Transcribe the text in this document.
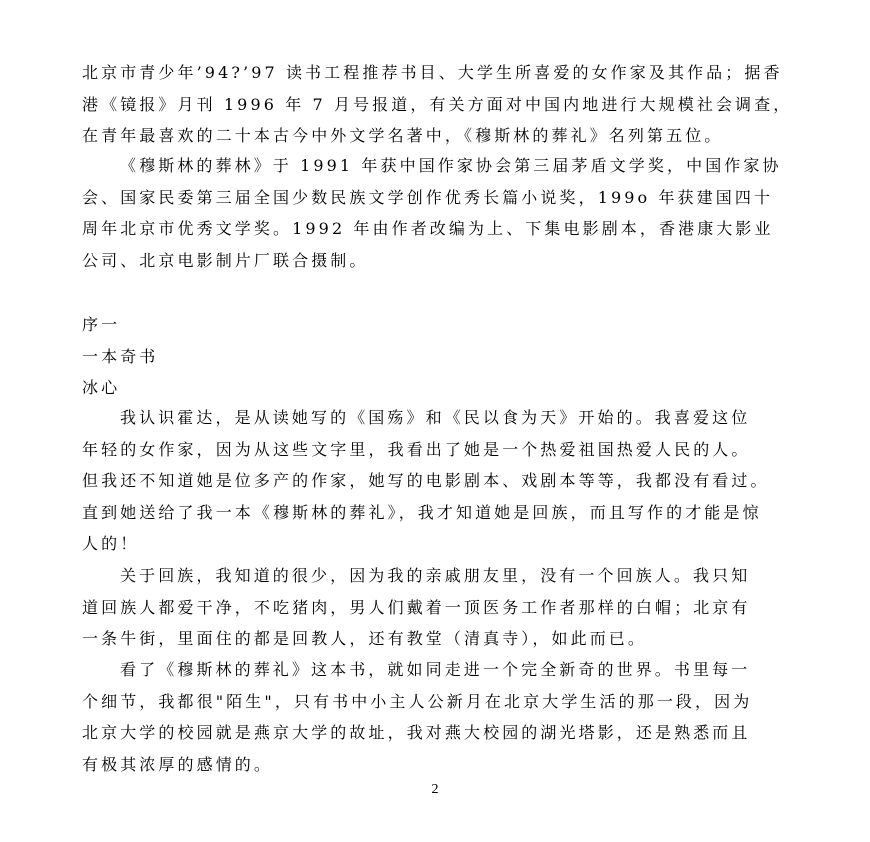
北京市青少年’94?’97 读书工程推荐书目、大学生所喜爱的女作家及其作品；据香
港《镜报》月刊 1996 年 7 月号报道，有关方面对中国内地进行大规模社会调查，
在青年最喜欢的二十本古今中外文学名著中，《穆斯林的葬礼》名列第五位。
《穆斯林的葬林》于 1991 年获中国作家协会第三届茅盾文学奖，中国作家协
会、国家民委第三届全国少数民族文学创作优秀长篇小说奖，199o 年获建国四十
周年北京市优秀文学奖。1992 年由作者改编为上、下集电影剧本，香港康大影业
公司、北京电影制片厂联合摄制。
序一
一本奇书
冰心
我认识霍达，是从读她写的《国殇》和《民以食为天》开始的。我喜爱这位
年轻的女作家，因为从这些文字里，我看出了她是一个热爱祖国热爱人民的人。
但我还不知道她是位多产的作家，她写的电影剧本、戏剧本等等，我都没有看过。
直到她送给了我一本《穆斯林的葬礼》，我才知道她是回族，而且写作的才能是惊
人的！
关于回族，我知道的很少，因为我的亲戚朋友里，没有一个回族人。我只知
道回族人都爱干净，不吃猪肉，男人们戴着一顶医务工作者那样的白帽；北京有
一条牛街，里面住的都是回教人，还有教堂（清真寺），如此而已。
看了《穆斯林的葬礼》这本书，就如同走进一个完全新奇的世界。书里每一
个细节，我都很"陌生"，只有书中小主人公新月在北京大学生活的那一段，因为
北京大学的校园就是燕京大学的故址，我对燕大校园的湖光塔影，还是熟悉而且
有极其浓厚的感情的。
2
